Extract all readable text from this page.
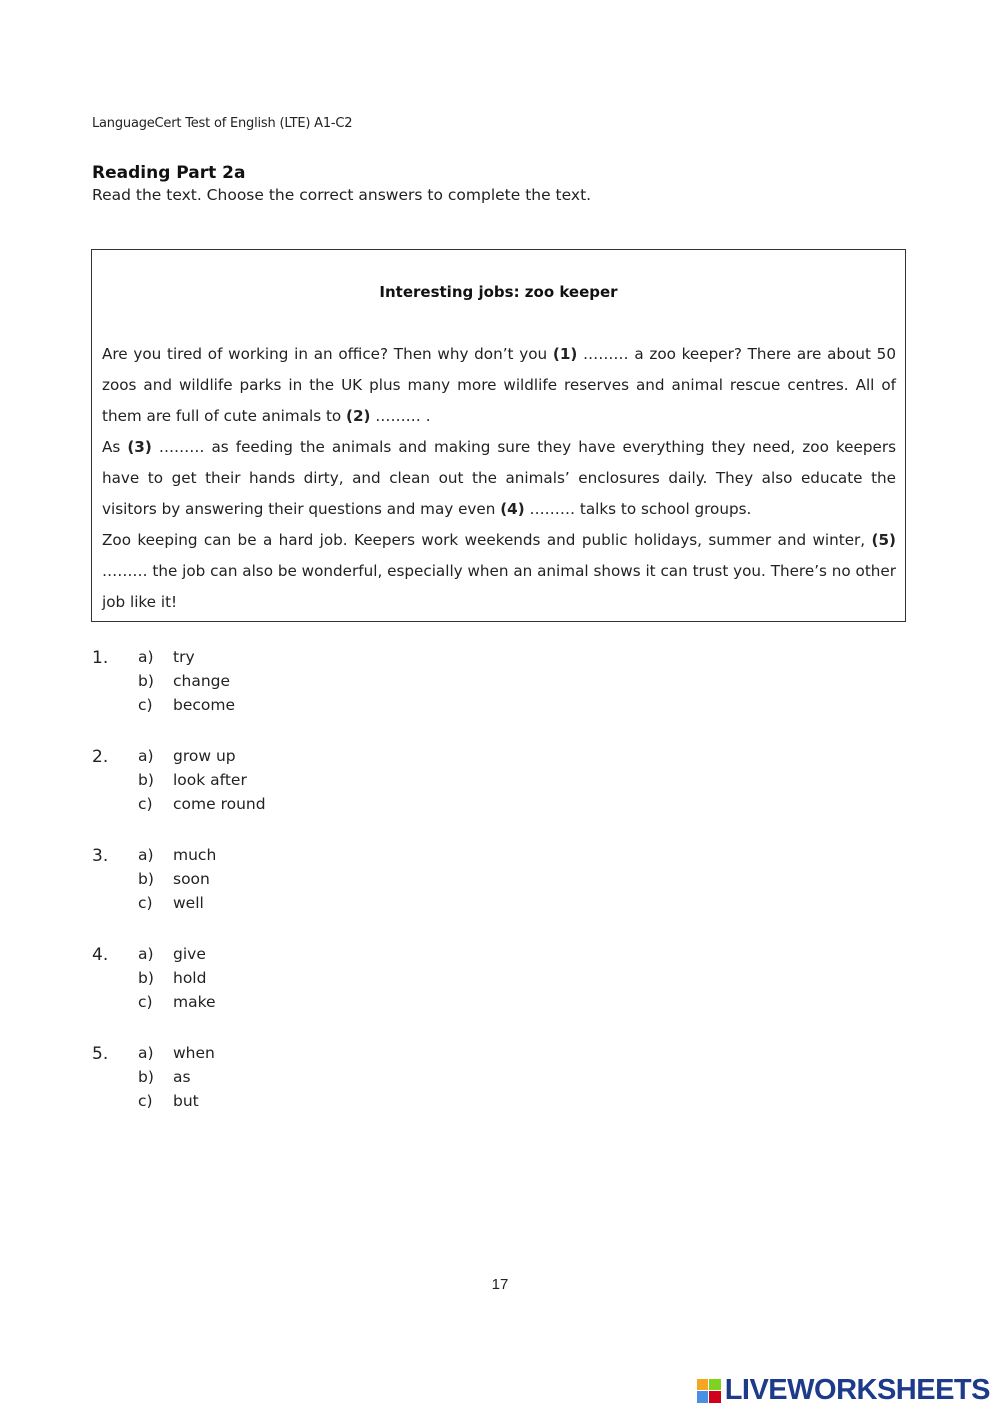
LanguageCert Test of English (LTE) A1-C2
Reading Part 2a
Read the text. Choose the correct answers to complete the text.
Interesting jobs: zoo keeper

Are you tired of working in an office? Then why don’t you (1) ……… a zoo keeper? There are about 50 zoos and wildlife parks in the UK plus many more wildlife reserves and animal rescue centres. All of them are full of cute animals to (2) ……… .

As (3) ……… as feeding the animals and making sure they have everything they need, zoo keepers have to get their hands dirty, and clean out the animals’ enclosures daily. They also educate the visitors by answering their questions and may even (4) ……… talks to school groups.

Zoo keeping can be a hard job. Keepers work weekends and public holidays, summer and winter, (5) ……… the job can also be wonderful, especially when an animal shows it can trust you. There’s no other job like it!

1. a) try
b) change
c) become
2. a) grow up
b) look after
c) come round
3. a) much
b) soon
c) well
4. a) give
b) hold
c) make
5. a) when
b) as
c) but
17
LIVEWORKSHEETS
